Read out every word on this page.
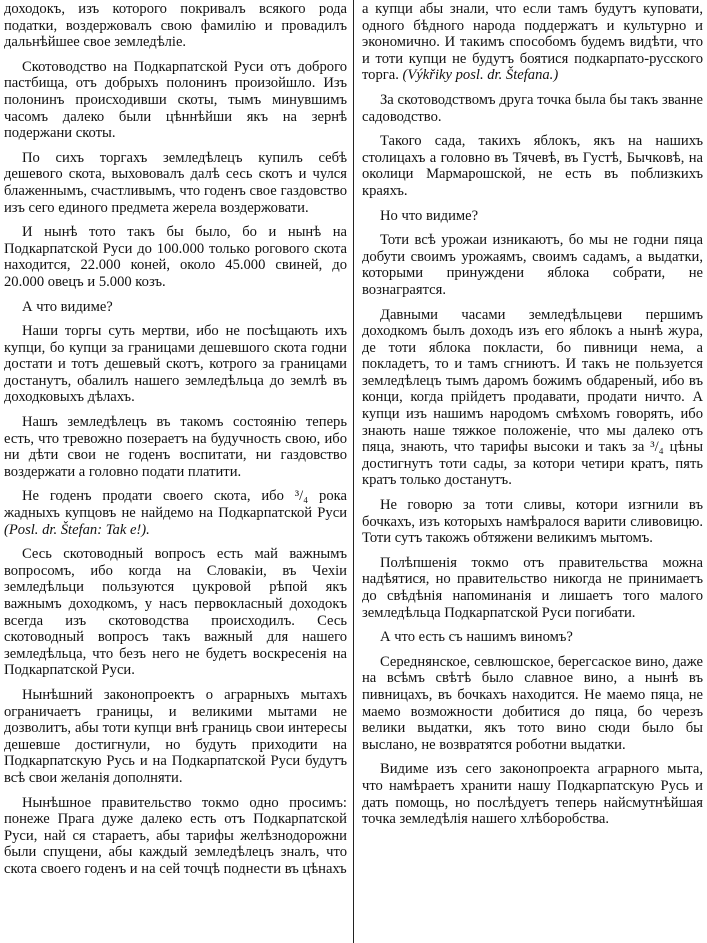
доходокъ, изъ которого покривалъ всякого рода податки, воздержовалъ свою фамилію и провадилъ дальнѣйшее свое земледѣліе.

Скотоводство на Подкарпатской Руси отъ доброго пастбища, отъ добрыхъ полонинъ произойшло. Изъ полонинъ происходивши скоты, тымъ минувшимъ часомъ далеко были цѣннѣйши якъ на зернѣ подержани скоты.

По сихъ торгахъ земледѣлецъ купилъ себѣ дешевого скота, выхововалъ далѣ сесь скотъ и чулся блаженнымъ, счастливымъ, что годенъ свое газдовство изъ сего единого предмета жерела воздержовати.

И нынѣ тото такъ бы было, бо и нынѣ на Подкарпатской Руси до 100.000 только рогового скота находится, 22.000 коней, около 45.000 свиней, до 20.000 овецъ и 5.000 козъ.

А что видиме?

Наши торгы суть мертви, ибо не посѣщають ихъ купци, бо купци за границами дешевшого скота годни достати и тотъ дешевый скотъ, котрого за границами достанутъ, обалилъ нашего земледѣльца до землѣ въ доходковыхъ дѣлахъ.

Нашъ земледѣлецъ въ такомъ состоянію теперь есть, что тревожно позераетъ на будучность свою, ибо ни дѣти свои не годенъ воспитати, ни газдовство воздержати а головно подати платити.

Не годенъ продати своего скота, ибо ³/₄ рока жадныхъ купцовъ не найдемо на Подкарпатской Руси (Posl. dr. Štefan: Tak e!).

Сесь скотоводный вопросъ есть май важнымъ вопросомъ, ибо когда на Словакіи, въ Чехіи земледѣльци пользуются цукровой рѣпой якъ важнымъ доходкомъ, у насъ первокласный доходокъ всегда изъ скотоводства происходилъ. Сесь скотоводный вопросъ такъ важный для нашего земледѣльца, что безъ него не будетъ воскресенія на Подкарпатской Руси.

Нынѣшний законопроектъ о аграрныхъ мытахъ ограничаетъ границы, и великими мытами не дозволитъ, абы тоти купци внѣ границь свои интересы дешевше достигнули, но будуть приходити на Подкарпатскую Русь и на Подкарпатской Руси будутъ всѣ свои желанія дополняти.

Нынѣшное правительство токмо одно просимъ: понеже Прага дуже далеко есть отъ Подкарпатской Руси, най ся стараетъ, абы тарифы желѣзнодорожни были спущени, абы каждый земледѣлецъ зналъ, что скота своего годенъ и на сей точцѣ поднести въ цѣнахъ

а купци абы знали, что если тамъ будутъ куповати, одного бѣдного народа поддержатъ и культурно и экономично. И такимъ способомъ будемъ видѣти, что и тоти купци не будутъ боятися подкарпато-русского торга. (Výkřiky posl. dr. Štefana.)

За скотоводствомъ друга точка была бы такъ званне садоводство.

Такого сада, такихъ яблокъ, якъ на нашихъ столицахъ а головно въ Тячевѣ, въ Густѣ, Бычковѣ, на околици Мармарошской, не есть въ поблизкихъ краяхъ.

Но что видиме?

Тоти всѣ урожаи изникаютъ, бо мы не годни пяца добути своимъ урожаямъ, своимъ садамъ, а выдатки, которыми принуждени яблока собрати, не вознаграятся.

Давными часами земледѣльцеви першимъ доходкомъ былъ доходъ изъ его яблокъ а нынѣ жура, де тоти яблока покласти, бо пивници нема, а покладетъ, то и тамъ сгниютъ. И такъ не пользуется земледѣлецъ тымъ даромъ божимъ обдареный, ибо въ конци, когда прійдетъ продавати, продати ничто. А купци изъ нашимъ народомъ смѣхомъ говорять, ибо знають наше тяжкое положеніе, что мы далеко отъ пяца, знають, что тарифы высоки и такъ за ³/₄ цѣны достигнутъ тоти сады, за котори четири кратъ, пять кратъ только достанутъ.

Не говорю за тоти сливы, котори изгнили въ бочкахъ, изъ которыхъ намѣралося варити сливовицю. Тоти сутъ такожъ обтяжени великимъ мытомъ.

Полѣпшенія токмо отъ правительства можна надѣятися, но правительство никогда не принимаетъ до свѣдѣнія напоминанія и лишаетъ того малого земледѣльца Подкарпатской Руси погибати.

А что есть съ нашимъ виномъ?

Середнянское, севлюшское, берегсаское вино, даже на всѣмъ свѣтѣ было славное вино, а нынѣ въ пивницахъ, въ бочкахъ находится. Не маемо пяца, не маемо возможности добитися до пяца, бо черезъ велики выдатки, якъ тото вино сюди было бы выслано, не возвратятся роботни выдатки.

Видиме изъ сего законопроекта аграрного мыта, что намѣраетъ хранити нашу Подкарпатскую Русь и дать помощь, но послѣдуетъ теперь найсмутнѣйшая точка земледѣлія нашего хлѣборобства.
